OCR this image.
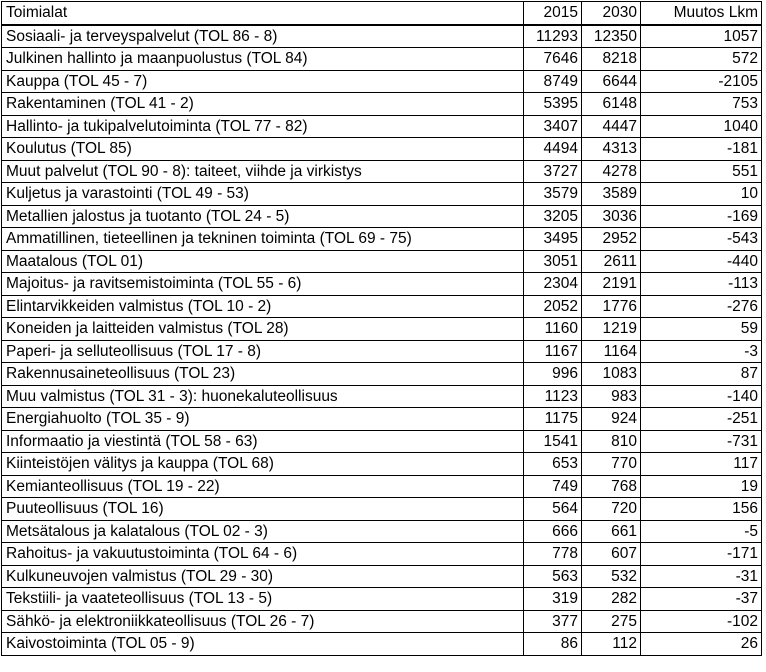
Toimialat	2015	2030	Muutos Lkm
Sosiaali- ja terveyspalvelut (TOL 86 - 8)	11293	12350	1057
Julkinen hallinto ja maanpuolustus (TOL 84)	7646	8218	572
Kauppa (TOL 45 - 7)	8749	6644	-2105
Rakentaminen (TOL 41 - 2)	5395	6148	753
Hallinto- ja tukipalvelutoiminta (TOL 77 - 82)	3407	4447	1040
Koulutus (TOL 85)	4494	4313	-181
Muut palvelut (TOL 90 - 8): taiteet, viihde ja virkistys	3727	4278	551
Kuljetus ja varastointi (TOL 49 - 53)	3579	3589	10
Metallien jalostus ja tuotanto (TOL 24 - 5)	3205	3036	-169
Ammatillinen, tieteellinen ja tekninen toiminta (TOL 69 - 75)	3495	2952	-543
Maatalous (TOL 01)	3051	2611	-440
Majoitus- ja ravitsemistoiminta (TOL 55 - 6)	2304	2191	-113
Elintarvikkeiden valmistus (TOL 10 - 2)	2052	1776	-276
Koneiden ja laitteiden valmistus (TOL 28)	1160	1219	59
Paperi- ja selluteollisuus (TOL 17 - 8)	1167	1164	-3
Rakennusaineteollisuus (TOL 23)	996	1083	87
Muu valmistus (TOL 31 - 3): huonekaluteollisuus	1123	983	-140
Energiahuolto (TOL 35 - 9)	1175	924	-251
Informaatio ja viestintä (TOL 58 - 63)	1541	810	-731
Kiinteistöjen välitys ja kauppa (TOL 68)	653	770	117
Kemianteollisuus (TOL 19 - 22)	749	768	19
Puuteollisuus (TOL 16)	564	720	156
Metsätalous ja kalatalous (TOL 02 - 3)	666	661	-5
Rahoitus- ja vakuutustoiminta (TOL 64 - 6)	778	607	-171
Kulkuneuvojen valmistus (TOL 29 - 30)	563	532	-31
Tekstiili- ja vaateteollisuus (TOL 13 - 5)	319	282	-37
Sähkö- ja elektroniikkateollisuus (TOL 26 - 7)	377	275	-102
Kaivostoiminta (TOL 05 - 9)	86	112	26
